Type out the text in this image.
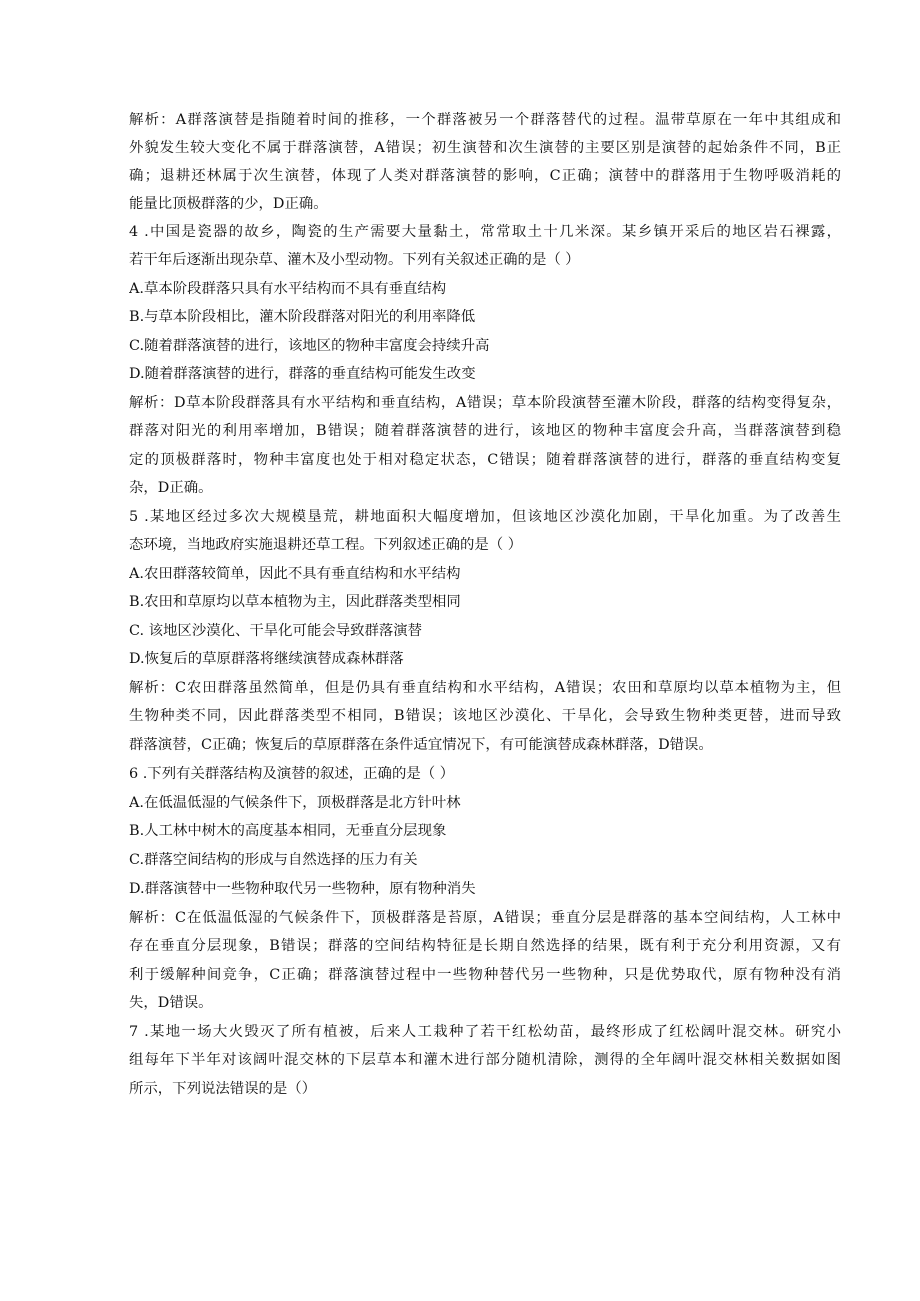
解析：A群落演替是指随着时间的推移，一个群落被另一个群落替代的过程。温带草原在一年中其组成和
外貌发生较大变化不属于群落演替，A错误；初生演替和次生演替的主要区别是演替的起始条件不同，B正
确；退耕还林属于次生演替，体现了人类对群落演替的影响，C正确；演替中的群落用于生物呼吸消耗的
能量比顶极群落的少，D正确。
4 .中国是瓷器的故乡，陶瓷的生产需要大量黏土，常常取土十几米深。某乡镇开采后的地区岩石裸露，
若干年后逐渐出现杂草、灌木及小型动物。下列有关叙述正确的是（ ）
A.草本阶段群落只具有水平结构而不具有垂直结构
B.与草本阶段相比，灌木阶段群落对阳光的利用率降低
C.随着群落演替的进行，该地区的物种丰富度会持续升高
D.随着群落演替的进行，群落的垂直结构可能发生改变
解析：D草本阶段群落具有水平结构和垂直结构，A错误；草本阶段演替至灌木阶段，群落的结构变得复杂，
群落对阳光的利用率增加，B错误；随着群落演替的进行，该地区的物种丰富度会升高，当群落演替到稳
定的顶极群落时，物种丰富度也处于相对稳定状态，C错误；随着群落演替的进行，群落的垂直结构变复
杂，D正确。
5 .某地区经过多次大规模垦荒，耕地面积大幅度增加，但该地区沙漠化加剧，干旱化加重。为了改善生
态环境，当地政府实施退耕还草工程。下列叙述正确的是（ ）
A.农田群落较简单，因此不具有垂直结构和水平结构
B.农田和草原均以草本植物为主，因此群落类型相同
C. 该地区沙漠化、干旱化可能会导致群落演替
D.恢复后的草原群落将继续演替成森林群落
解析：C农田群落虽然简单，但是仍具有垂直结构和水平结构，A错误；农田和草原均以草本植物为主，但
生物种类不同，因此群落类型不相同，B错误；该地区沙漠化、干旱化，会导致生物种类更替，进而导致
群落演替，C正确；恢复后的草原群落在条件适宜情况下，有可能演替成森林群落，D错误。
6 .下列有关群落结构及演替的叙述，正确的是（ ）
A.在低温低湿的气候条件下，顶极群落是北方针叶林
B.人工林中树木的高度基本相同，无垂直分层现象
C.群落空间结构的形成与自然选择的压力有关
D.群落演替中一些物种取代另一些物种，原有物种消失
解析：C在低温低湿的气候条件下，顶极群落是苔原，A错误；垂直分层是群落的基本空间结构，人工林中
存在垂直分层现象，B错误；群落的空间结构特征是长期自然选择的结果，既有利于充分利用资源，又有
利于缓解种间竞争，C正确；群落演替过程中一些物种替代另一些物种，只是优势取代，原有物种没有消
失，D错误。
7 .某地一场大火毁灭了所有植被，后来人工栽种了若干红松幼苗，最终形成了红松阔叶混交林。研究小
组每年下半年对该阔叶混交林的下层草本和灌木进行部分随机清除，测得的全年阔叶混交林相关数据如图
所示，下列说法错误的是（）
